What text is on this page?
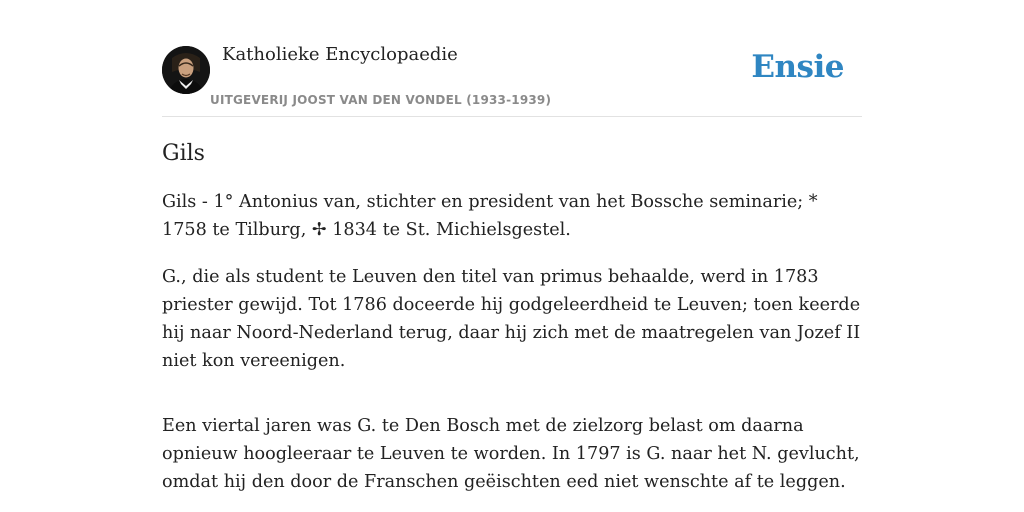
Katholieke Encyclopaedie
UITGEVERIJ JOOST VAN DEN VONDEL (1933-1939)
Ensie
Gils

Gils - 1° Antonius van, stichter en president van het Bossche seminarie; * 1758 te Tilburg, ✢ 1834 te St. Michielsgestel.

G., die als student te Leuven den titel van primus behaalde, werd in 1783 priester gewijd. Tot 1786 doceerde hij godgeleerdheid te Leuven; toen keerde hij naar Noord-Nederland terug, daar hij zich met de maatregelen van Jozef II niet kon vereenigen.

Een viertal jaren was G. te Den Bosch met de zielzorg belast om daarna opnieuw hoogleeraar te Leuven te worden. In 1797 is G. naar het N. gevlucht, omdat hij den door de Franschen geëischten eed niet wenschte af te leggen.
